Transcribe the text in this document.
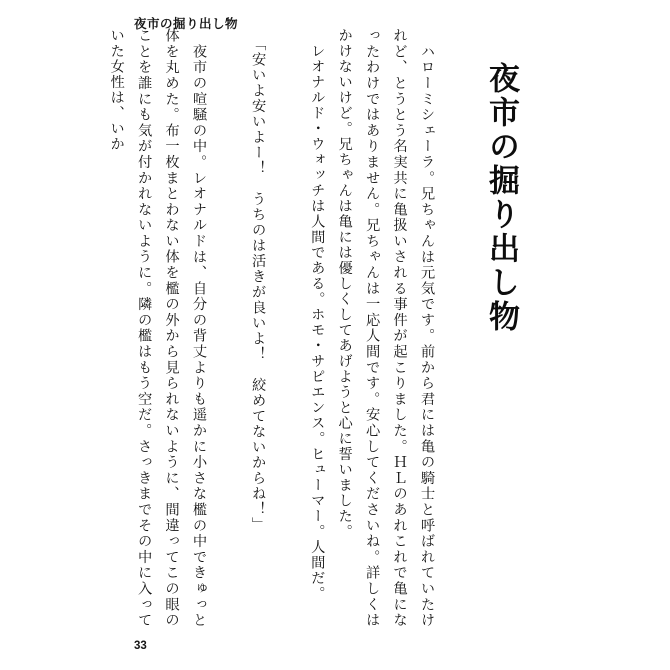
夜市の掘り出し物
夜市の掘り出し物
ハローミシェーラ。兄ちゃんは元気です。前から君には亀の騎士と呼ばれていたけれど、とうとう名実共に亀扱いされる事件が起こりました。ＨＬのあれこれで亀になったわけではありません。兄ちゃんは一応人間です。安心してくださいね。詳しくはかけないけど。兄ちゃんは亀には優しくしてあげようと心に誓いました。
レオナルド・ウォッチは人間である。ホモ・サピエンス。ヒューマー。人間だ。
「安いよ安いよー！　うちのは活きが良いよ！　絞めてないからね！」
夜市の喧騒の中。レオナルドは、自分の背丈よりも遥かに小さな檻の中できゅっと体を丸めた。布一枚まとわない体を檻の外から見られないように、間違ってこの眼のことを誰にも気が付かれないように。隣の檻はもう空だ。さっきまでその中に入っていた女性は、いか
33
